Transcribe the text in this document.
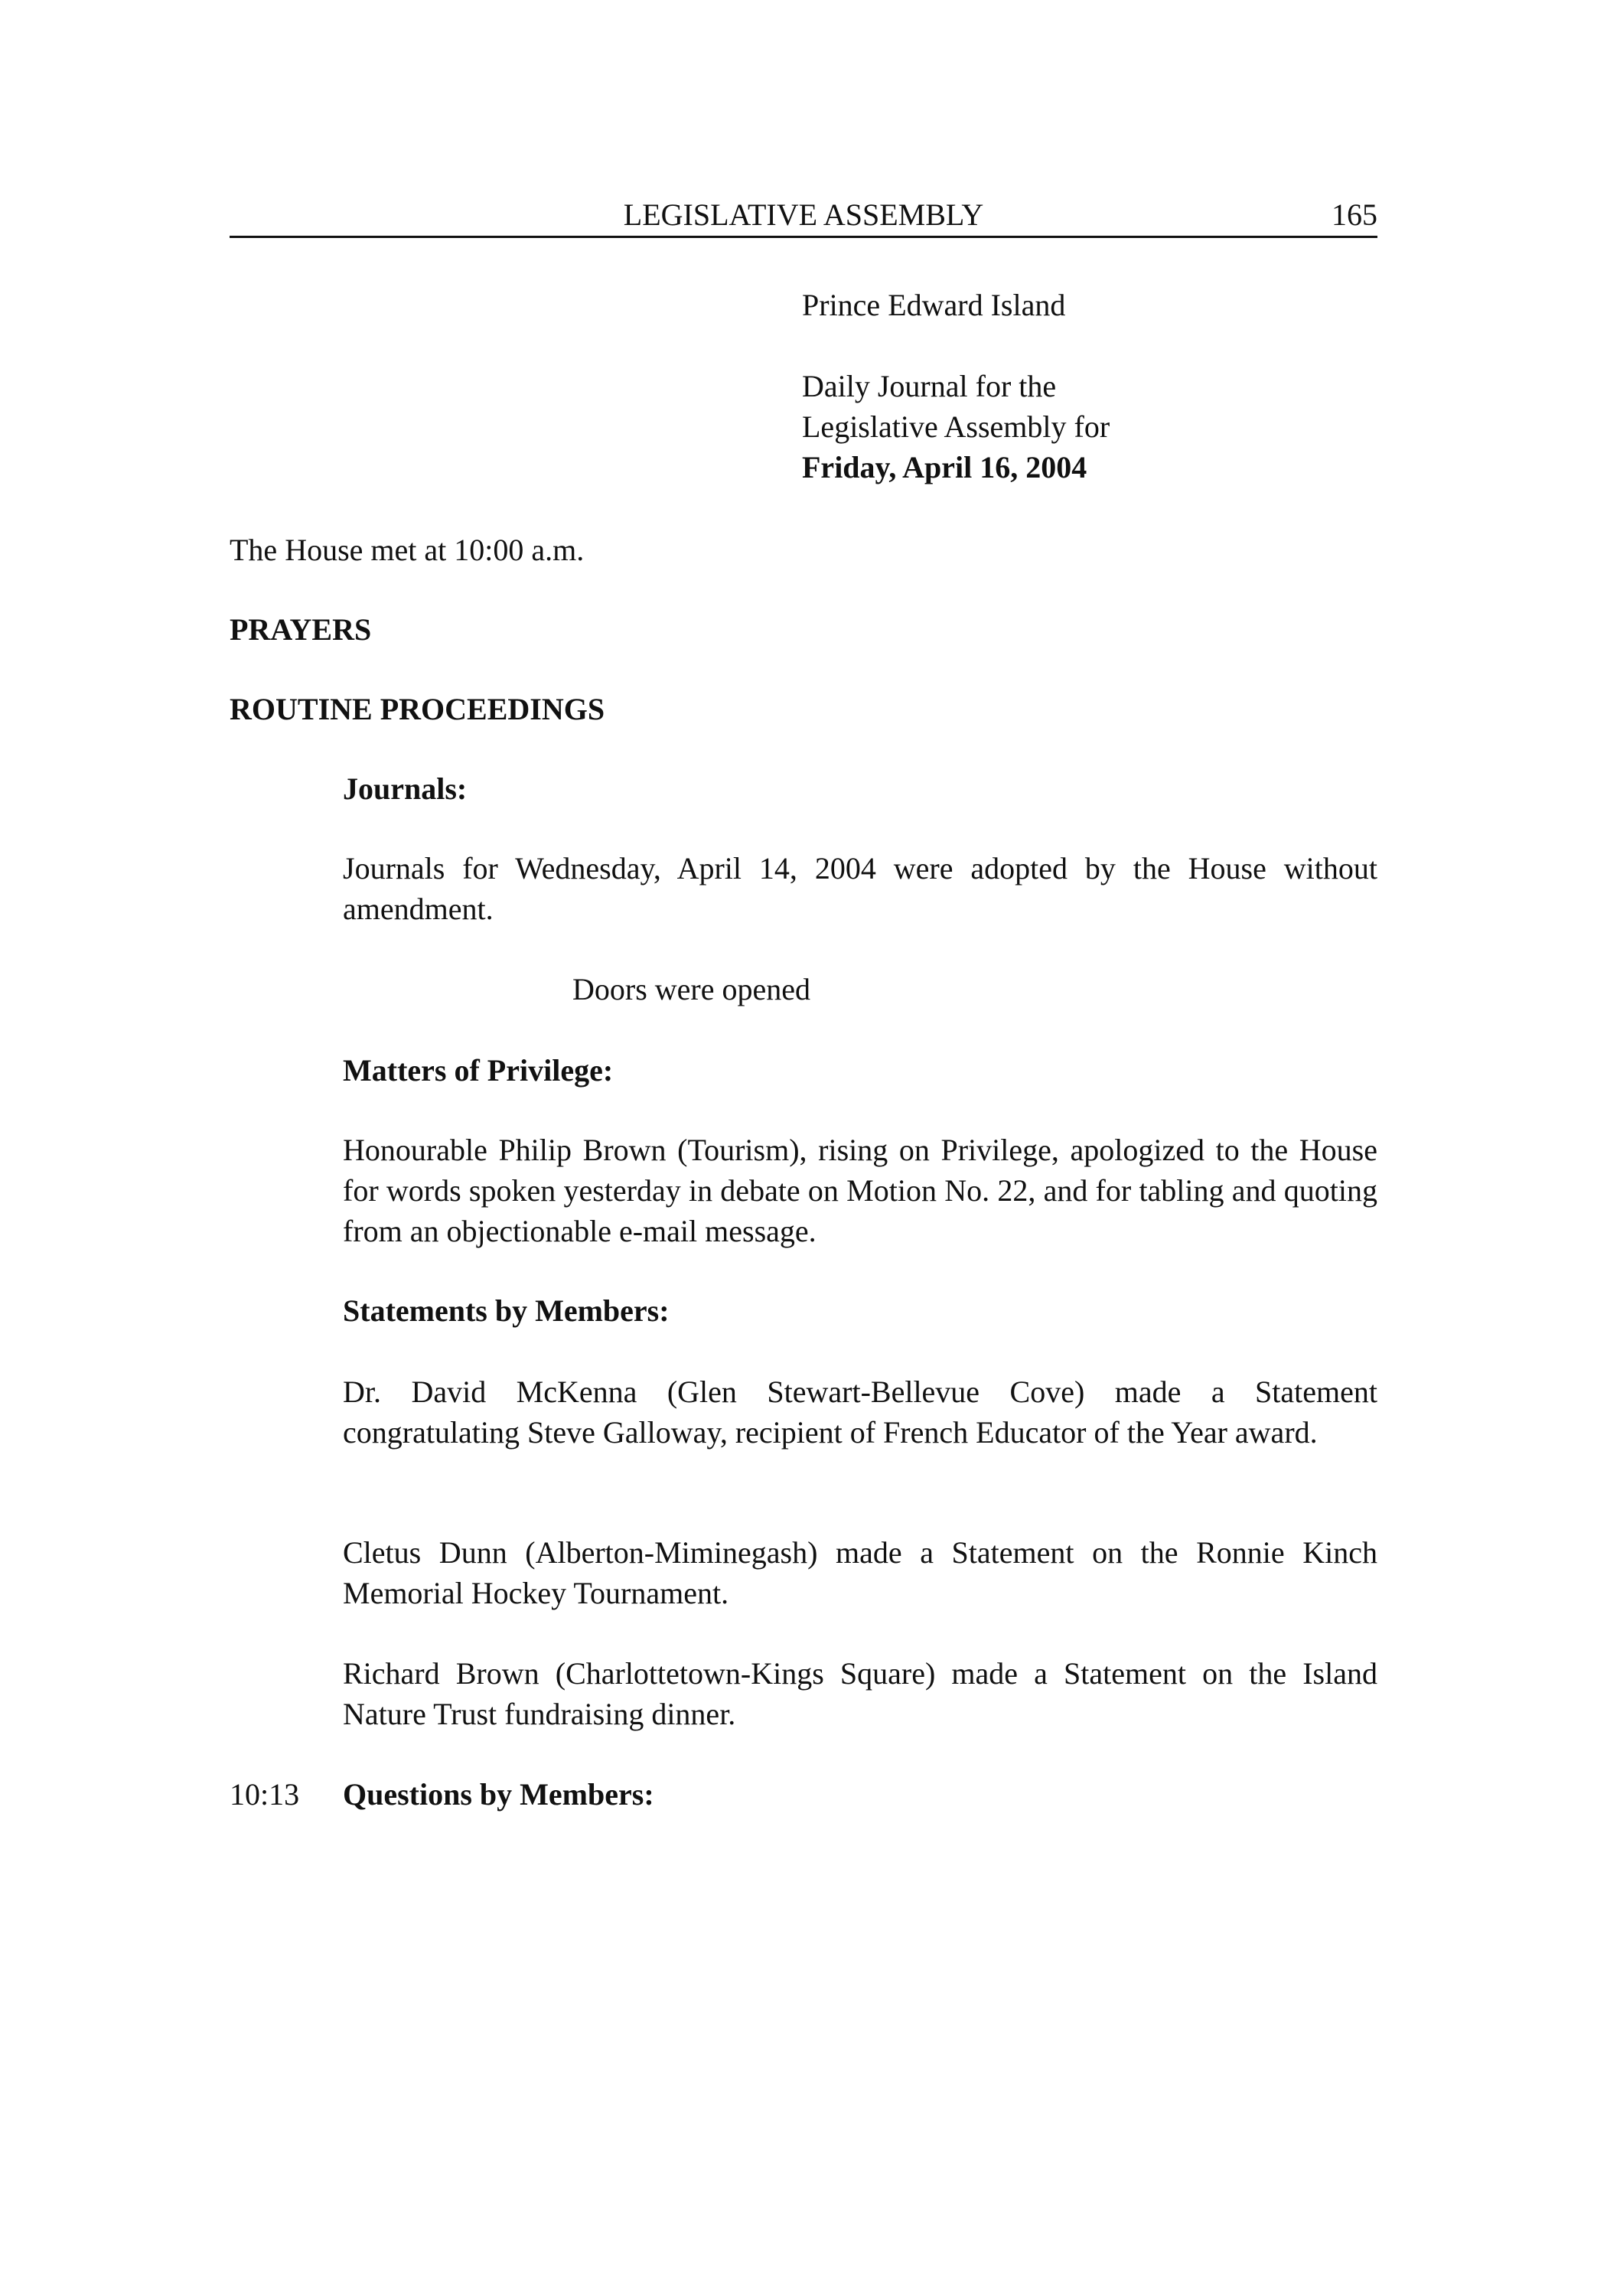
LEGISLATIVE ASSEMBLY	165

Prince Edward Island

Daily Journal for the

Legislative Assembly for

Friday, April 16, 2004

The House met at 10:00 a.m.

PRAYERS

ROUTINE PROCEEDINGS

Journals:

Journals for Wednesday, April 14, 2004 were adopted by the House without amendment.

Doors were opened

Matters of Privilege:

Honourable Philip Brown (Tourism), rising on Privilege, apologized to the House for words spoken yesterday in debate on Motion No. 22, and for tabling and quoting from an objectionable e-mail message.

Statements by Members:

Dr. David McKenna (Glen Stewart-Bellevue Cove) made a Statement congratulating Steve Galloway, recipient of French Educator of the Year award.

Cletus Dunn (Alberton-Miminegash) made a Statement on the Ronnie Kinch Memorial Hockey Tournament.

Richard Brown (Charlottetown-Kings Square) made a Statement on the Island Nature Trust fundraising dinner.

10:13 Questions by Members:
